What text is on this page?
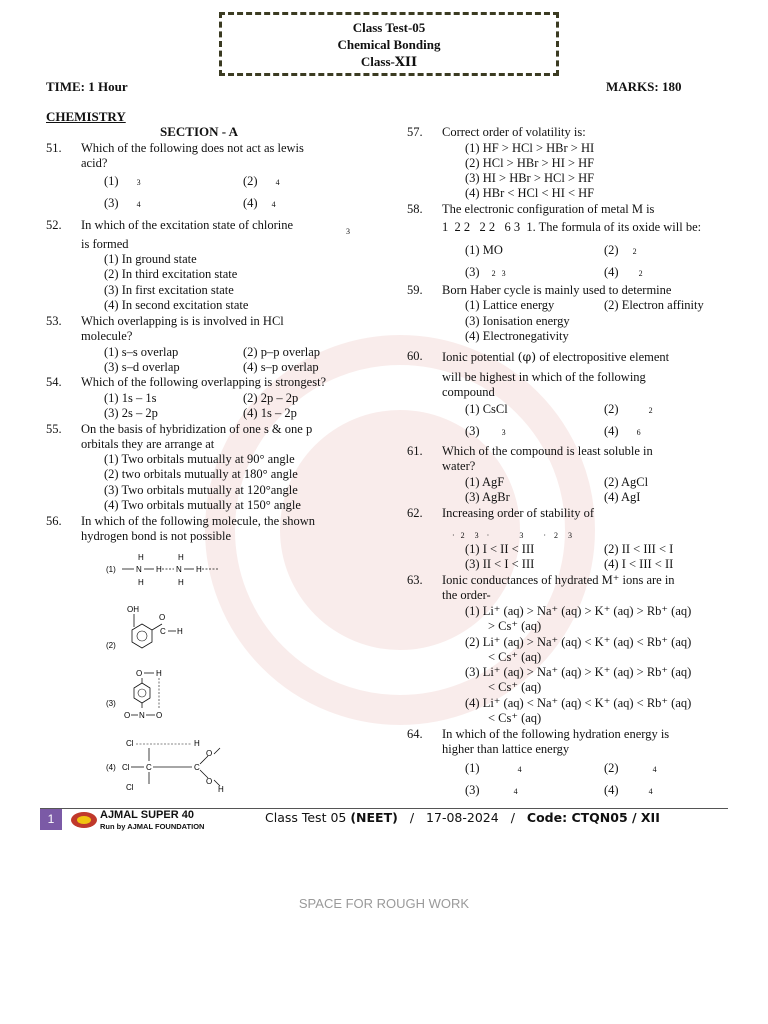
Class Test-05
Chemical Bonding
Class-XII
TIME: 1 Hour	MARKS: 180
CHEMISTRY
SECTION - A
51. Which of the following does not act as lewis
acid?
(1) 3	(2) 4
(3) 4	(4) 4
52. In which of the excitation state of chlorine	3
is formed
(1) In ground state
(2) In third excitation state
(3) In first excitation state
(4) In second excitation state
53. Which overlapping is is involved in HCl
molecule?
(1) s–s overlap	(2) p–p overlap
(3) s–d overlap	(4) s–p overlap
54. Which of the following overlapping is strongest?
(1) 1s – 1s	(2) 2p – 2p
(3) 2s – 2p	(4) 1s – 2p
55. On the basis of hybridization of one s & one p
orbitals they are arrange at
(1) Two orbitals mutually at 90° angle
(2) two orbitals mutually at 180° angle
(3) Two orbitals mutually at 120°angle
(4) Two orbitals mutually at 150° angle
56. In which of the following molecule, the shown
hydrogen bond is not possible
(1)	N
H
H
H N
H
H
H
(2)
OH
O
C H
(3)
O H
O N O
(4)
Cl	H
Cl C	C
Cl
O
O
H
57. Correct order of volatility is:
(1) HF > HCl > HBr > HI
(2) HCl > HBr > HI > HF
(3) HI > HBr > HCl > HF
(4) HBr < HCl < HI < HF
58. The electronic configuration of metal M is
1  2 2   2 2   6 3  1. The formula of its oxide will be:
(1) MO	(2) 2
(3) 2   3	(4)	2
59. Born Haber cycle is mainly used to determine
(1) Lattice energy	(2) Electron affinity
(3) Ionisation energy
(4) Electronegativity
60. Ionic potential (φ) of electropositive element
will be highest in which of the following
compound
(1) CsCl	(2)	2
(3)	3	(4) 6
61. Which of the compound is least soluble in
water?
(1) AgF	(2) AgCl
(3) AgBr	(4) AgI
62. Increasing order of stability of
·   2     3    ·               3          ·    2     3
(1) I < II < III	(2) II < III < I
(3) II < I < III	(4) I < III < II
63. Ionic conductances of hydrated M⁺ ions are in
the order-
(1) Li⁺ (aq) > Na⁺ (aq) > K⁺ (aq) > Rb⁺ (aq)
> Cs⁺ (aq)
(2) Li⁺ (aq) > Na⁺ (aq) < K⁺ (aq) < Rb⁺ (aq)
< Cs⁺ (aq)
(3) Li⁺ (aq) > Na⁺ (aq) > K⁺ (aq) > Rb⁺ (aq)
< Cs⁺ (aq)
(4) Li⁺ (aq) < Na⁺ (aq) < K⁺ (aq) < Rb⁺ (aq)
< Cs⁺ (aq)
64. In which of the following hydration energy is
higher than lattice energy
(1)	4	(2)	4
(3)	4	(4)	4
1	AJMAL SUPER 40
Run by AJMAL FOUNDATION
Class Test 05 (NEET) / 17-08-2024 / Code: CTQN05 / XII
SPACE FOR ROUGH WORK
